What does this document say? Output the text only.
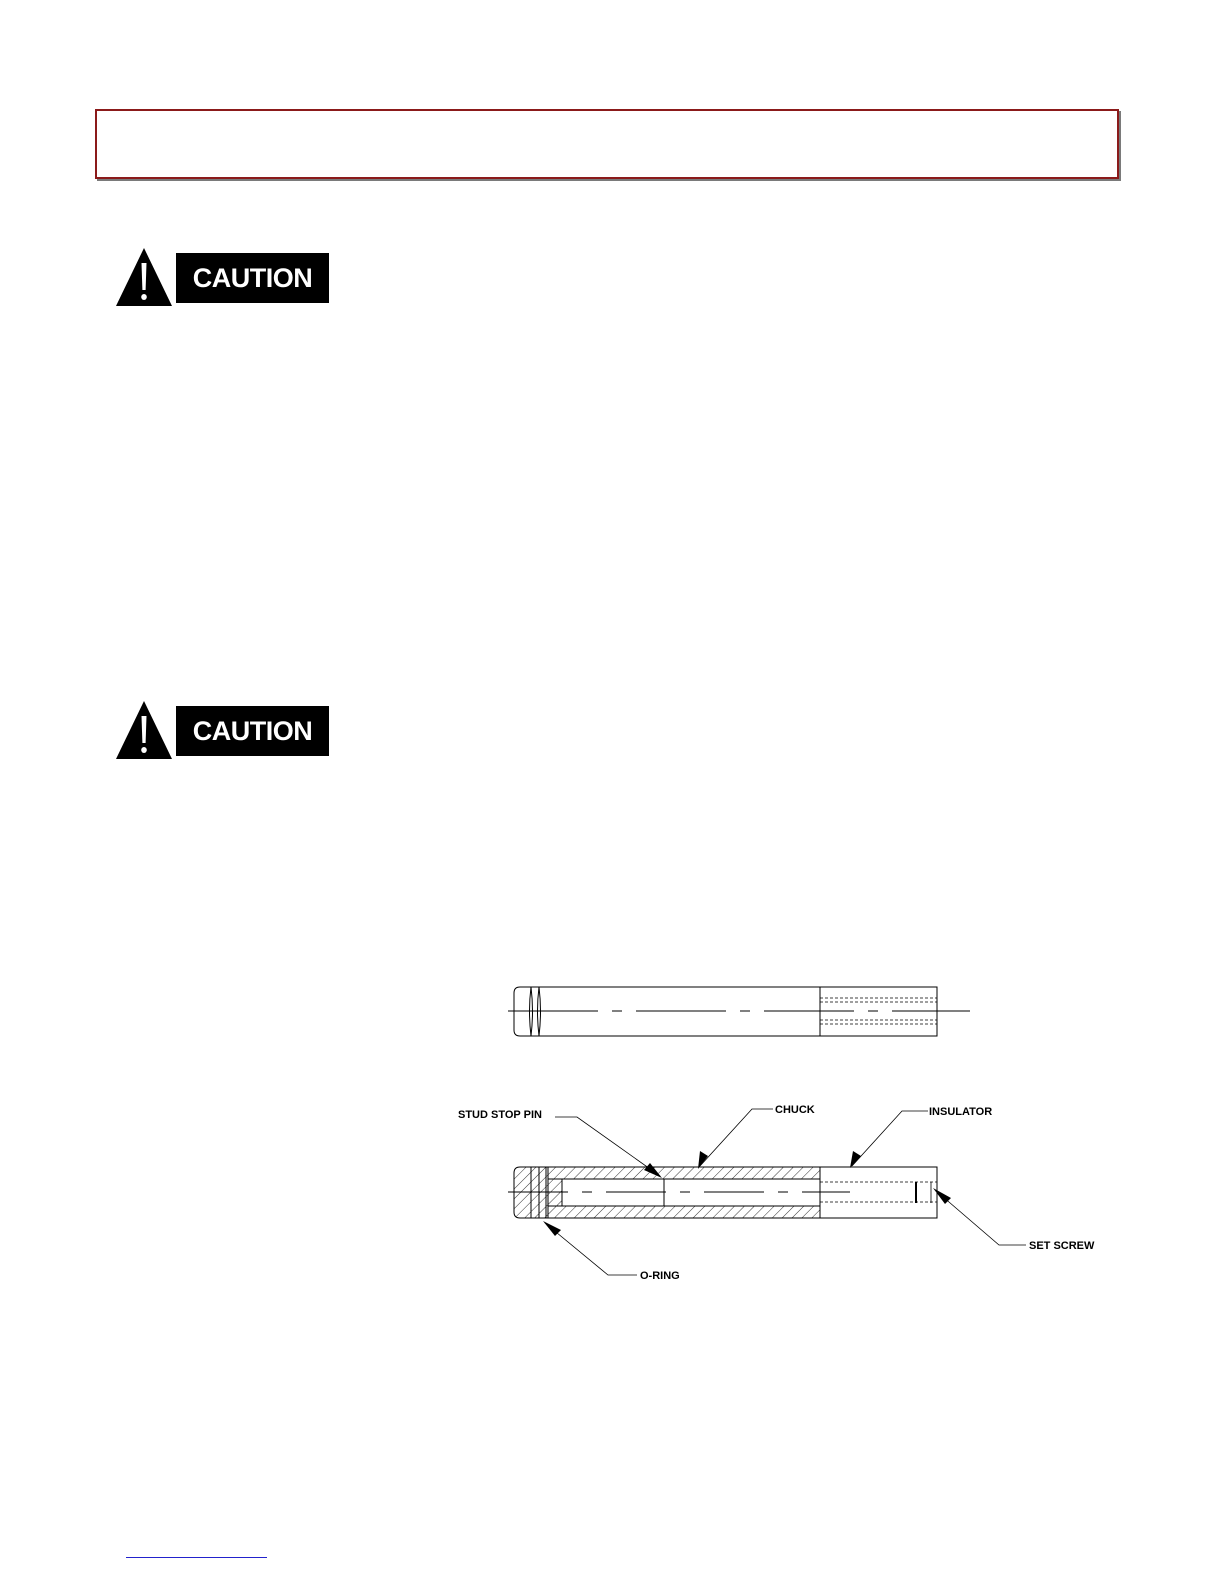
CAUTION
CAUTION
STUD STOP PIN	CHUCK	INSULATOR
SET SCREW
O-RING
